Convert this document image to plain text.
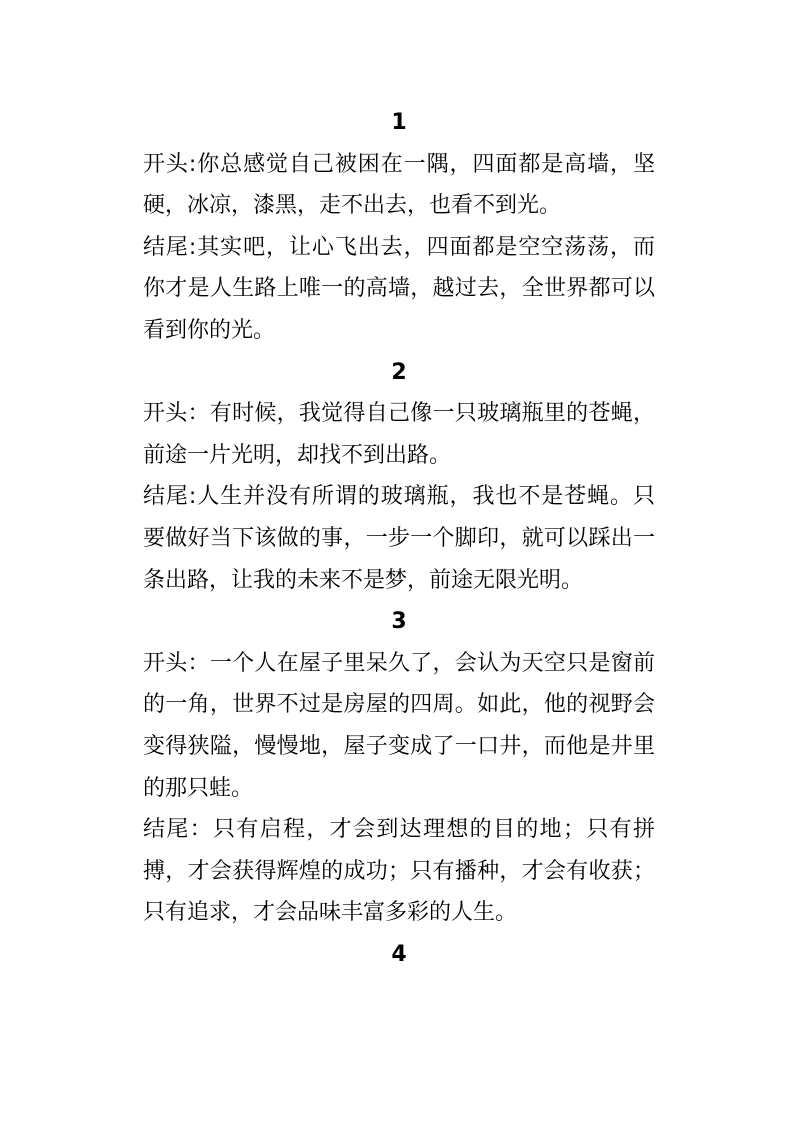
1

开头:你总感觉自己被困在一隅，四面都是高墙，坚硬，冰凉，漆黑，走不出去，也看不到光。

结尾:其实吧，让心飞出去，四面都是空空荡荡，而你才是人生路上唯一的高墙，越过去，全世界都可以看到你的光。

2

开头：有时候，我觉得自己像一只玻璃瓶里的苍蝇，前途一片光明，却找不到出路。

结尾:人生并没有所谓的玻璃瓶，我也不是苍蝇。只要做好当下该做的事，一步一个脚印，就可以踩出一条出路，让我的未来不是梦，前途无限光明。

3

开头：一个人在屋子里呆久了，会认为天空只是窗前的一角，世界不过是房屋的四周。如此，他的视野会变得狭隘，慢慢地，屋子变成了一口井，而他是井里的那只蛙。

结尾：只有启程，才会到达理想的目的地；只有拼搏，才会获得辉煌的成功；只有播种，才会有收获；只有追求，才会品味丰富多彩的人生。

4
